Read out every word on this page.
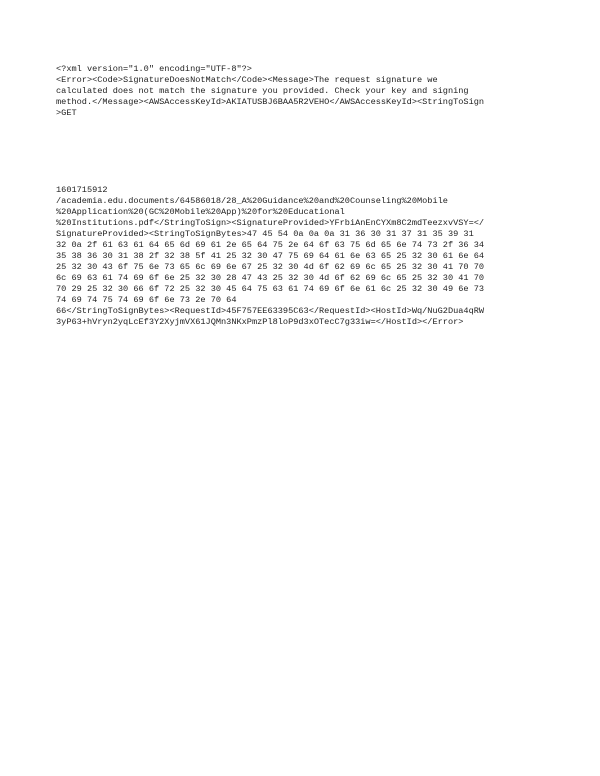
<?xml version="1.0" encoding="UTF-8"?>
<Error><Code>SignatureDoesNotMatch</Code><Message>The request signature we
calculated does not match the signature you provided. Check your key and signing
method.</Message><AWSAccessKeyId>AKIATUSBJ6BAA5R2VEHO</AWSAccessKeyId><StringToSign
>GET
1601715912
/academia.edu.documents/64586018/28_A%20Guidance%20and%20Counseling%20Mobile
%20Application%20(GC%20Mobile%20App)%20for%20Educational
%20Institutions.pdf</StringToSign><SignatureProvided>YFrbiAnEnCYXm8C2mdTeezxvVSY=</
SignatureProvided><StringToSignBytes>47 45 54 0a 0a 0a 31 36 30 31 37 31 35 39 31
32 0a 2f 61 63 61 64 65 6d 69 61 2e 65 64 75 2e 64 6f 63 75 6d 65 6e 74 73 2f 36 34
35 38 36 30 31 38 2f 32 38 5f 41 25 32 30 47 75 69 64 61 6e 63 65 25 32 30 61 6e 64
25 32 30 43 6f 75 6e 73 65 6c 69 6e 67 25 32 30 4d 6f 62 69 6c 65 25 32 30 41 70 70
6c 69 63 61 74 69 6f 6e 25 32 30 28 47 43 25 32 30 4d 6f 62 69 6c 65 25 32 30 41 70
70 29 25 32 30 66 6f 72 25 32 30 45 64 75 63 61 74 69 6f 6e 61 6c 25 32 30 49 6e 73
74 69 74 75 74 69 6f 6e 73 2e 70 64
66</StringToSignBytes><RequestId>45F757EE63395C63</RequestId><HostId>Wq/NuG2Dua4qRW
3yP63+hVryn2yqLcEf3Y2XyjmVX61JQMn3NKxPmzPl8loP9d3xOTecC7g33iw=</HostId></Error>
